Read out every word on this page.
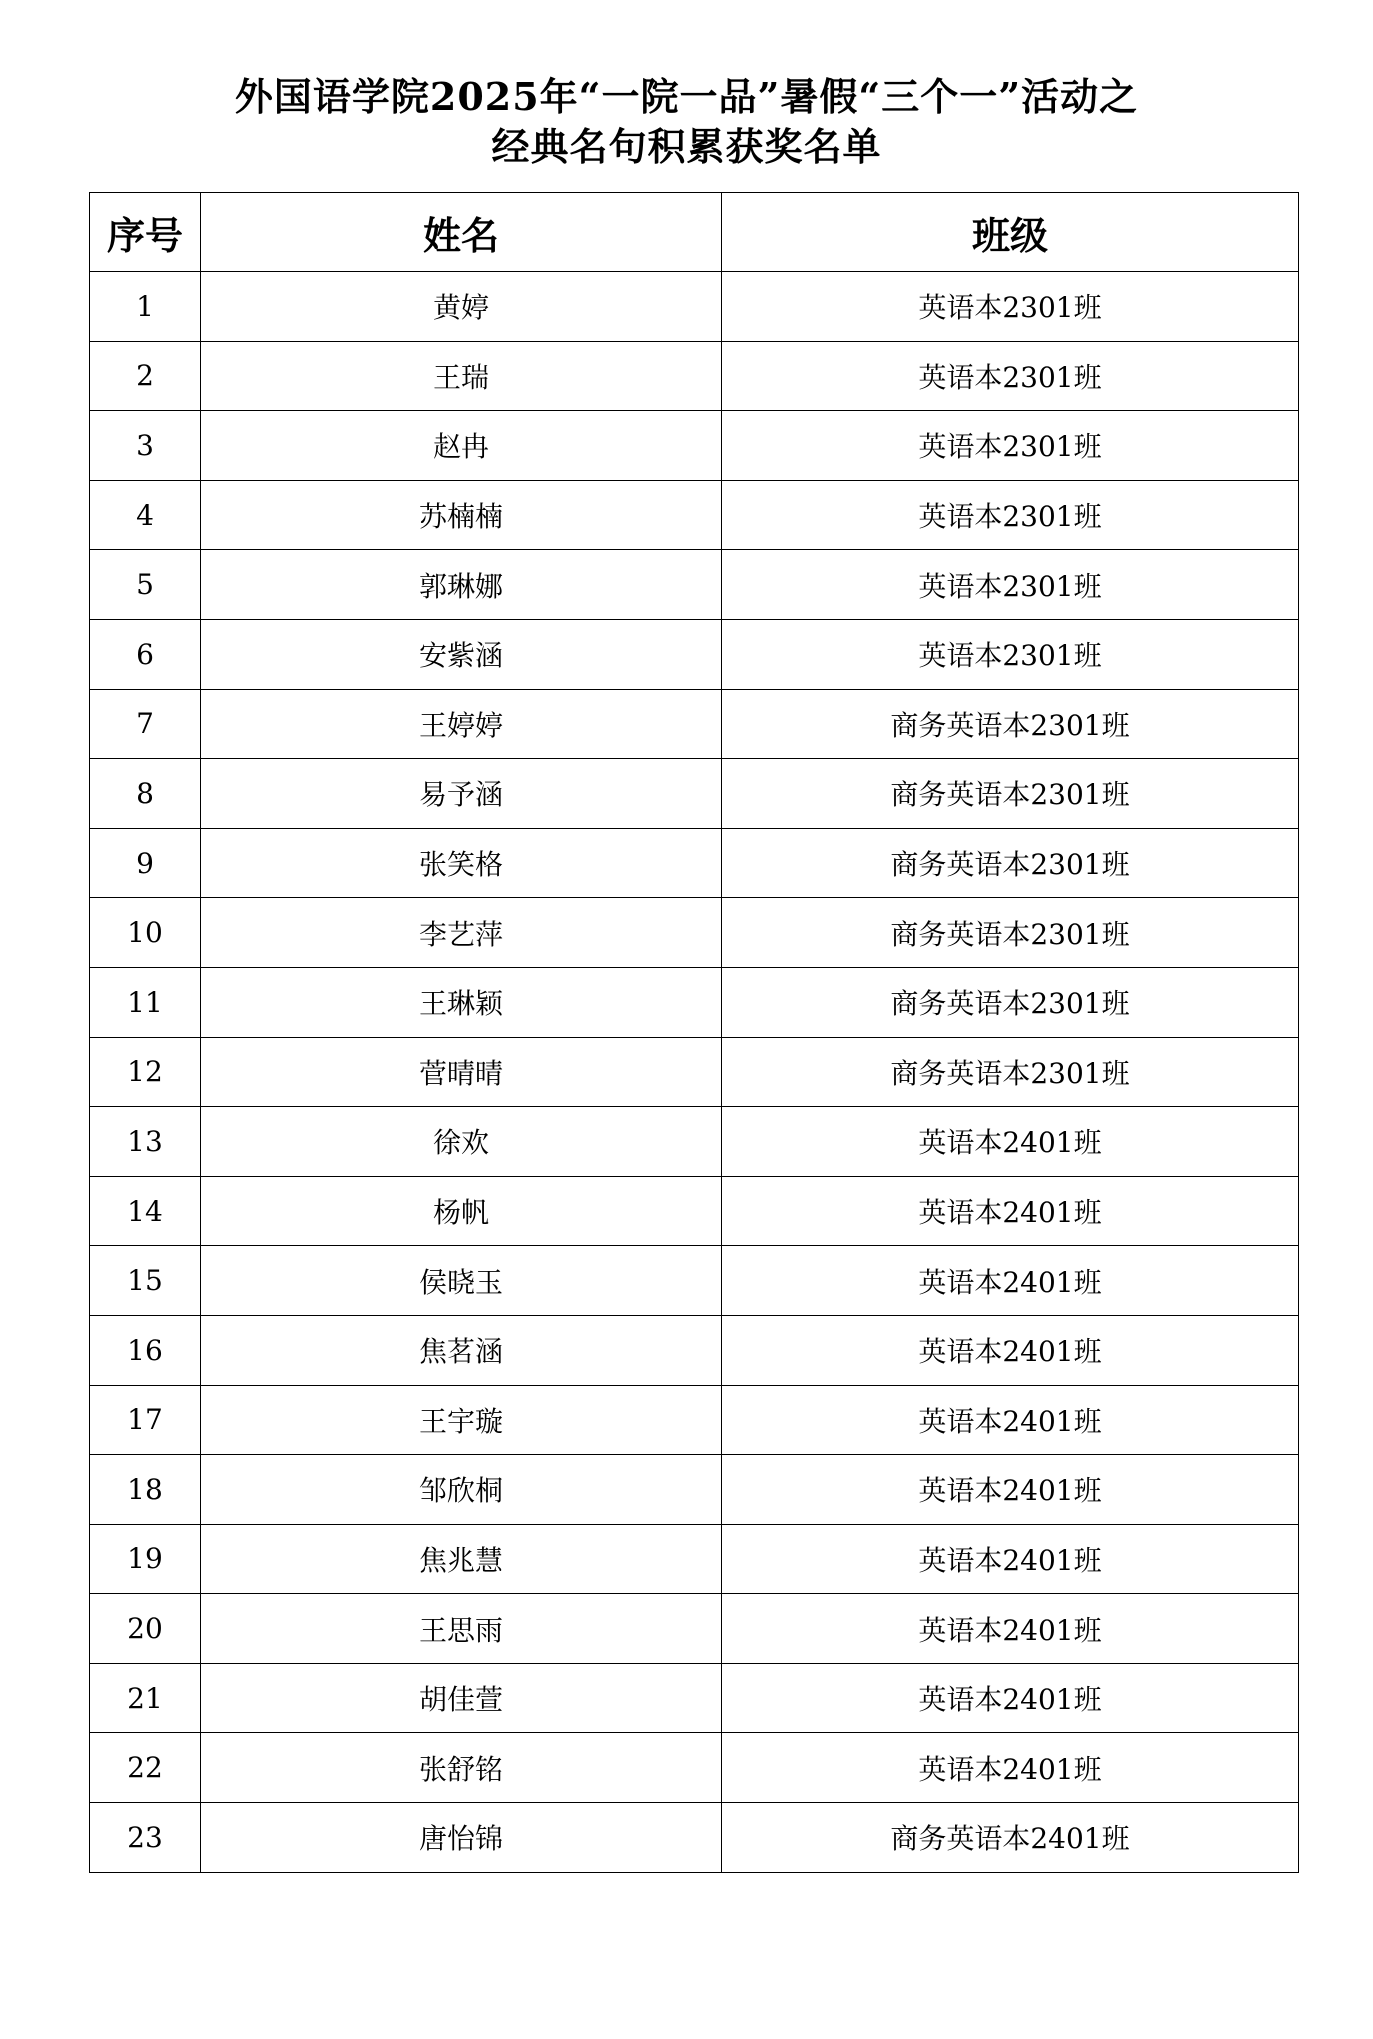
外国语学院2025年“一院一品”暑假“三个一”活动之
经典名句积累获奖名单
序号	姓名	班级
1	黄婷	英语本2301班
2	王瑞	英语本2301班
3	赵冉	英语本2301班
4	苏楠楠	英语本2301班
5	郭琳娜	英语本2301班
6	安紫涵	英语本2301班
7	王婷婷	商务英语本2301班
8	易予涵	商务英语本2301班
9	张笑格	商务英语本2301班
10	李艺萍	商务英语本2301班
11	王琳颖	商务英语本2301班
12	菅晴晴	商务英语本2301班
13	徐欢	英语本2401班
14	杨帆	英语本2401班
15	侯晓玉	英语本2401班
16	焦茗涵	英语本2401班
17	王宇璇	英语本2401班
18	邹欣桐	英语本2401班
19	焦兆慧	英语本2401班
20	王思雨	英语本2401班
21	胡佳萱	英语本2401班
22	张舒铭	英语本2401班
23	唐怡锦	商务英语本2401班
